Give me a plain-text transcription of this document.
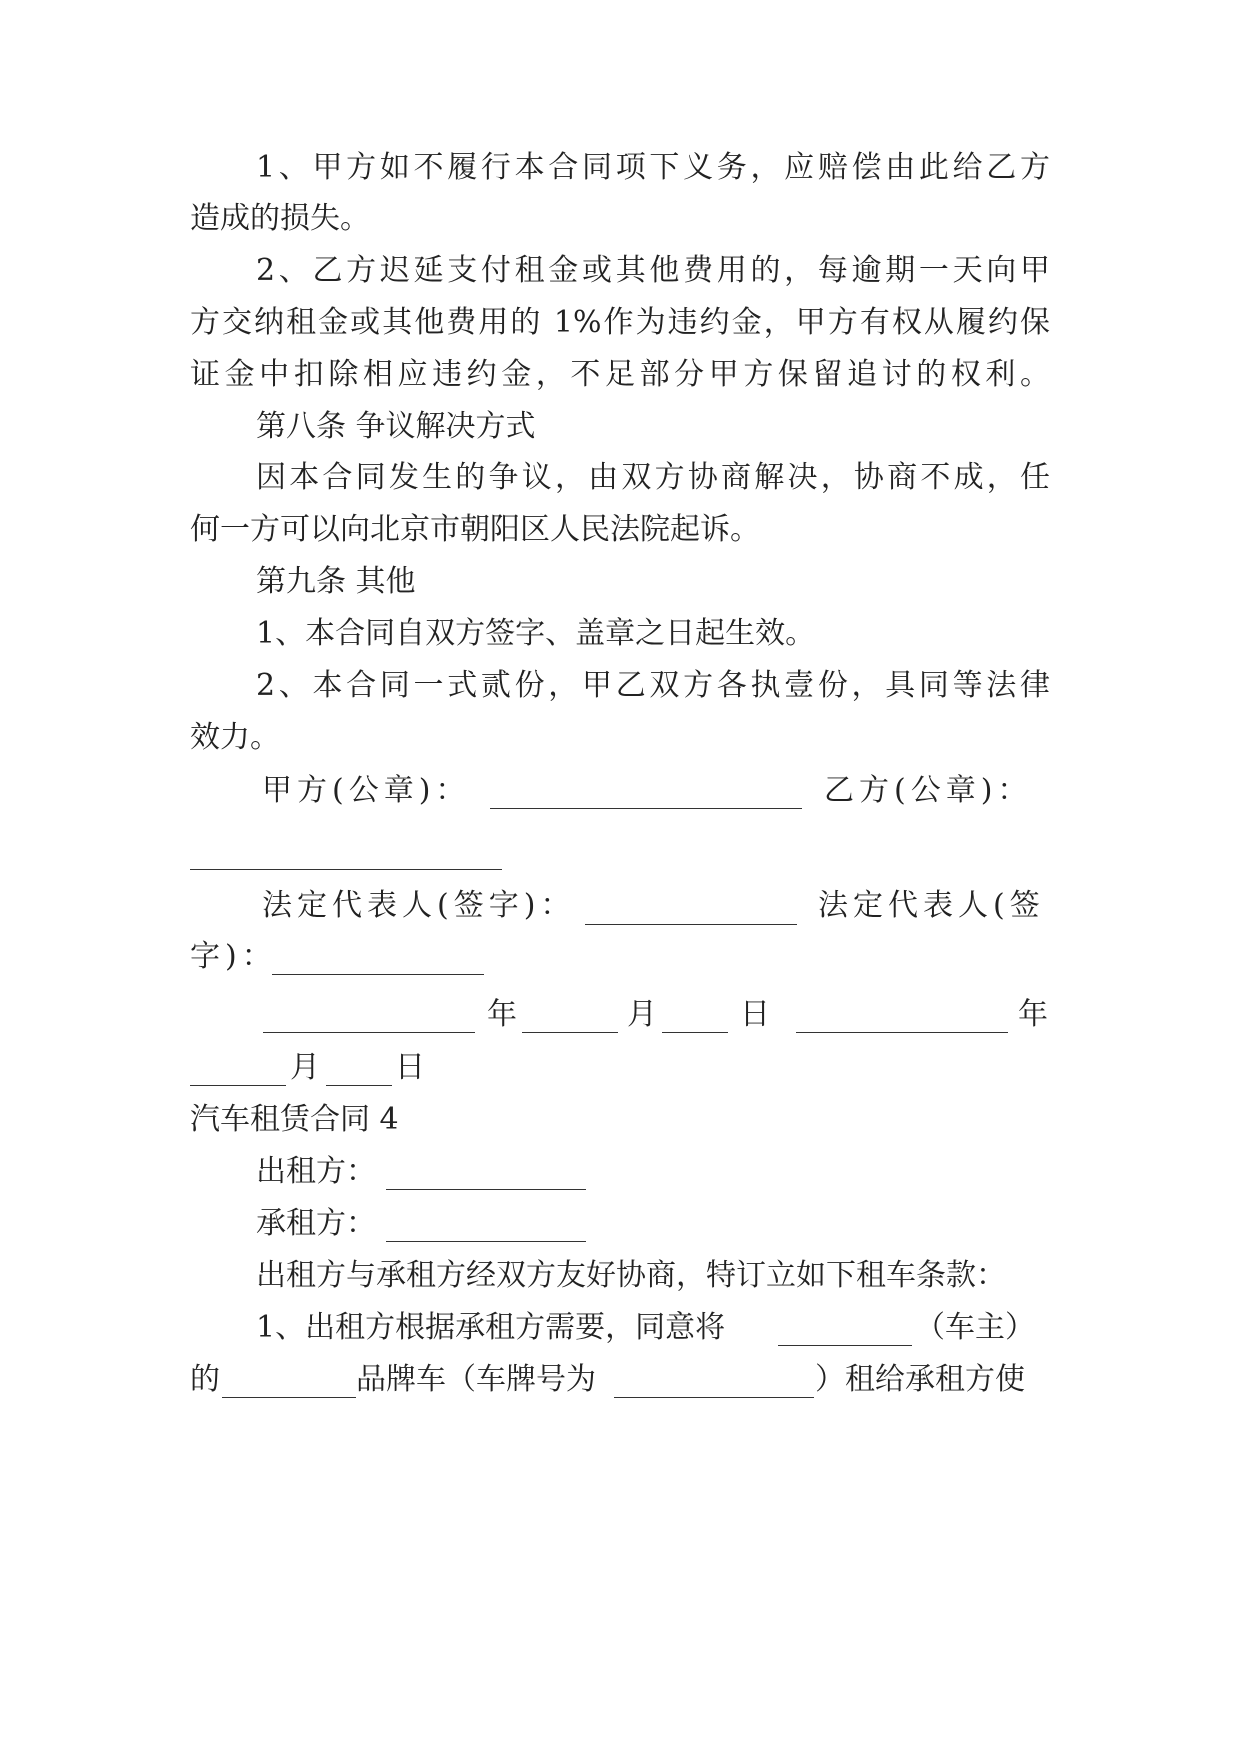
1、甲方如不履行本合同项下义务，应赔偿由此给乙方
造成的损失。
2、乙方迟延支付租金或其他费用的，每逾期一天向甲
方交纳租金或其他费用的 1%作为违约金，甲方有权从履约保
证金中扣除相应违约金，不足部分甲方保留追讨的权利。
第八条 争议解决方式
因本合同发生的争议，由双方协商解决，协商不成，任
何一方可以向北京市朝阳区人民法院起诉。
第九条 其他
1、本合同自双方签字、盖章之日起生效。
2、本合同一式贰份，甲乙双方各执壹份，具同等法律
效力。
甲方(公章)：	乙方(公章)：
法定代表人(签字)：	法定代表人(签
字)：
年	月	日	年
月	日
汽车租赁合同 4
出租方：
承租方：
出租方与承租方经双方友好协商，特订立如下租车条款：
1、出租方根据承租方需要，同意将	（车主）
的	品牌车（车牌号为	）租给承租方使
